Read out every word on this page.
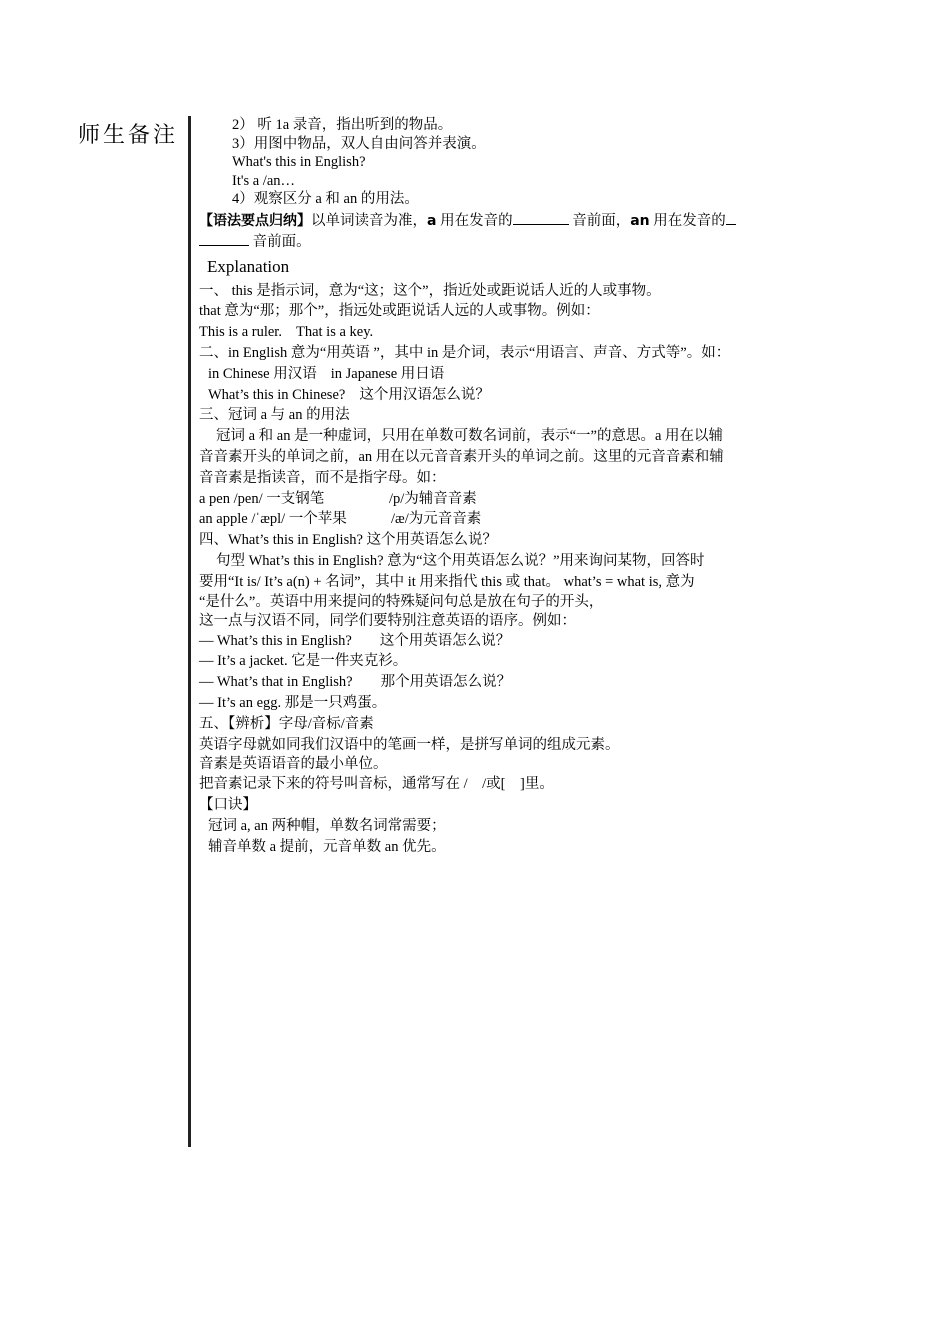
师生备注	2） 听 1a 录音，指出听到的物品。
3）用图中物品，双人自由问答并表演。
What's this in English?
It's a /an…
4）观察区分 a 和 an 的用法。
【语法要点归纳】以单词读音为准，a 用在发音的	音前面，an 用在发音的
音前面。
Explanation
一、 this 是指示词，意为“这；这个”，指近处或距说话人近的人或事物。
that 意为“那；那个”，指远处或距说话人远的人或事物。例如：
This is a ruler. That is a key.
二、in English 意为“用英语 ”，其中 in 是介词，表示“用语言、声音、方式等”。如：
in Chinese 用汉语 in Japanese 用日语
What’s this in Chinese? 这个用汉语怎么说？
三、冠词 a 与 an 的用法
冠词 a 和 an 是一种虚词，只用在单数可数名词前，表示“一”的意思。a 用在以辅
音音素开头的单词之前，an 用在以元音音素开头的单词之前。这里的元音音素和辅
音音素是指读音，而不是指字母。如：
a pen /pen/ 一支钢笔	/p/为辅音音素
an apple /ˈæpl/ 一个苹果	/æ/为元音音素
四、What’s this in English? 这个用英语怎么说？
句型 What’s this in English? 意为“这个用英语怎么说？”用来询问某物，回答时
要用“It is/ It’s a(n) + 名词”，其中 it 用来指代 this 或 that。 what’s = what is, 意为
“是什么”。英语中用来提问的特殊疑问句总是放在句子的开头，
这一点与汉语不同，同学们要特别注意英语的语序。例如：
— What’s this in English? 这个用英语怎么说？
— It’s a jacket. 它是一件夹克衫。
— What’s that in English? 那个用英语怎么说？
— It’s an egg. 那是一只鸡蛋。
五、【辨析】字母/音标/音素
英语字母就如同我们汉语中的笔画一样，是拼写单词的组成元素。
音素是英语语音的最小单位。
把音素记录下来的符号叫音标，通常写在 /    /或[    ]里。
【口诀】
冠词 a, an 两种帽，单数名词常需要；
辅音单数 a 提前，元音单数 an 优先。
